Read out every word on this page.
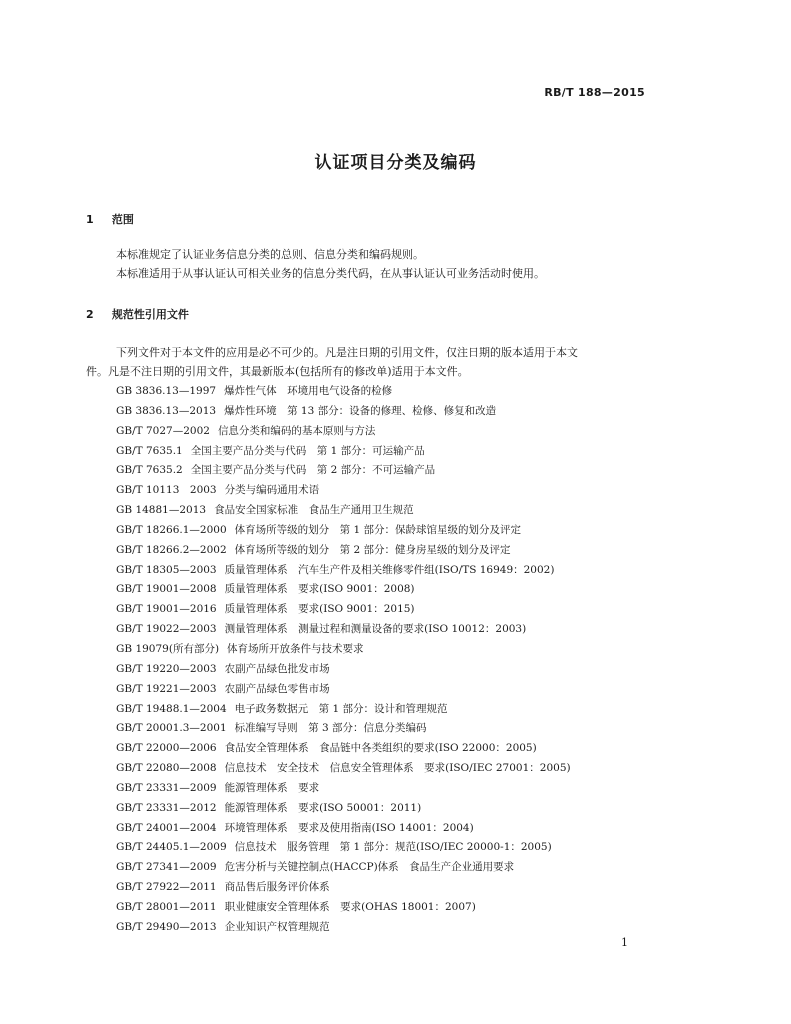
RB/T 188—2015
认证项目分类及编码
1 范围
本标准规定了认证业务信息分类的总则、信息分类和编码规则。
本标准适用于从事认证认可相关业务的信息分类代码，在从事认证认可业务活动时使用。
2 规范性引用文件
下列文件对于本文件的应用是必不可少的。凡是注日期的引用文件，仅注日期的版本适用于本文
件。凡是不注日期的引用文件，其最新版本(包括所有的修改单)适用于本文件。
GB 3836.13—1997 爆炸性气体　环境用电气设备的检修
GB 3836.13—2013 爆炸性环境　第 13 部分：设备的修理、检修、修复和改造
GB/T 7027—2002 信息分类和编码的基本原则与方法
GB/T 7635.1 全国主要产品分类与代码　第 1 部分：可运输产品
GB/T 7635.2 全国主要产品分类与代码　第 2 部分：不可运输产品
GB/T 10113　2003 分类与编码通用术语
GB 14881—2013 食品安全国家标准　食品生产通用卫生规范
GB/T 18266.1—2000 体育场所等级的划分　第 1 部分：保龄球馆星级的划分及评定
GB/T 18266.2—2002 体育场所等级的划分　第 2 部分：健身房星级的划分及评定
GB/T 18305—2003 质量管理体系　汽车生产件及相关维修零件组(ISO/TS 16949：2002)
GB/T 19001—2008 质量管理体系　要求(ISO 9001：2008)
GB/T 19001—2016 质量管理体系　要求(ISO 9001：2015)
GB/T 19022—2003 测量管理体系　测量过程和测量设备的要求(ISO 10012：2003)
GB 19079(所有部分) 体育场所开放条件与技术要求
GB/T 19220—2003 农副产品绿色批发市场
GB/T 19221—2003 农副产品绿色零售市场
GB/T 19488.1—2004 电子政务数据元　第 1 部分：设计和管理规范
GB/T 20001.3—2001 标准编写导则　第 3 部分：信息分类编码
GB/T 22000—2006 食品安全管理体系　食品链中各类组织的要求(ISO 22000：2005)
GB/T 22080—2008 信息技术　安全技术　信息安全管理体系　要求(ISO/IEC 27001：2005)
GB/T 23331—2009 能源管理体系　要求
GB/T 23331—2012 能源管理体系　要求(ISO 50001：2011)
GB/T 24001—2004 环境管理体系　要求及使用指南(ISO 14001：2004)
GB/T 24405.1—2009 信息技术　服务管理　第 1 部分：规范(ISO/IEC 20000-1：2005)
GB/T 27341—2009 危害分析与关键控制点(HACCP)体系　食品生产企业通用要求
GB/T 27922—2011 商品售后服务评价体系
GB/T 28001—2011 职业健康安全管理体系　要求(OHAS 18001：2007)
GB/T 29490—2013 企业知识产权管理规范
1
